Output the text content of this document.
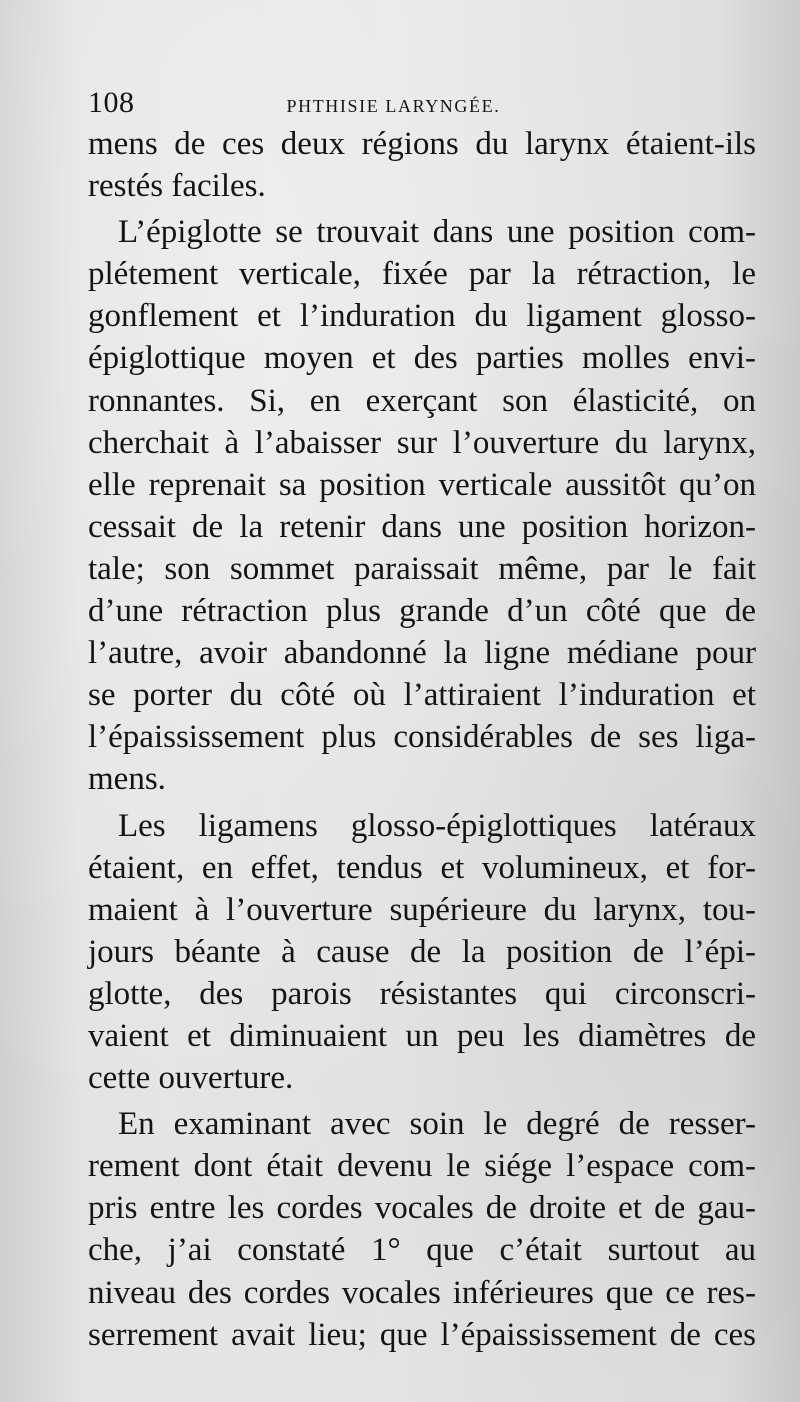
108	PHTHISIE LARYNGÉE.
mens de ces deux régions du larynx étaient-ils
restés faciles.
L’épiglotte se trouvait dans une position com-
plétement verticale, fixée par la rétraction, le
gonflement et l’induration du ligament glosso-
épiglottique moyen et des parties molles envi-
ronnantes. Si, en exerçant son élasticité, on
cherchait à l’abaisser sur l’ouverture du larynx,
elle reprenait sa position verticale aussitôt qu’on
cessait de la retenir dans une position horizon-
tale; son sommet paraissait même, par le fait
d’une rétraction plus grande d’un côté que de
l’autre, avoir abandonné la ligne médiane pour
se porter du côté où l’attiraient l’induration et
l’épaississement plus considérables de ses liga-
mens.
Les ligamens glosso-épiglottiques latéraux
étaient, en effet, tendus et volumineux, et for-
maient à l’ouverture supérieure du larynx, tou-
jours béante à cause de la position de l’épi-
glotte, des parois résistantes qui circonscri-
vaient et diminuaient un peu les diamètres de
cette ouverture.
En examinant avec soin le degré de resser-
rement dont était devenu le siége l’espace com-
pris entre les cordes vocales de droite et de gau-
che, j’ai constaté 1° que c’était surtout au
niveau des cordes vocales inférieures que ce res-
serrement avait lieu; que l’épaississement de ces
